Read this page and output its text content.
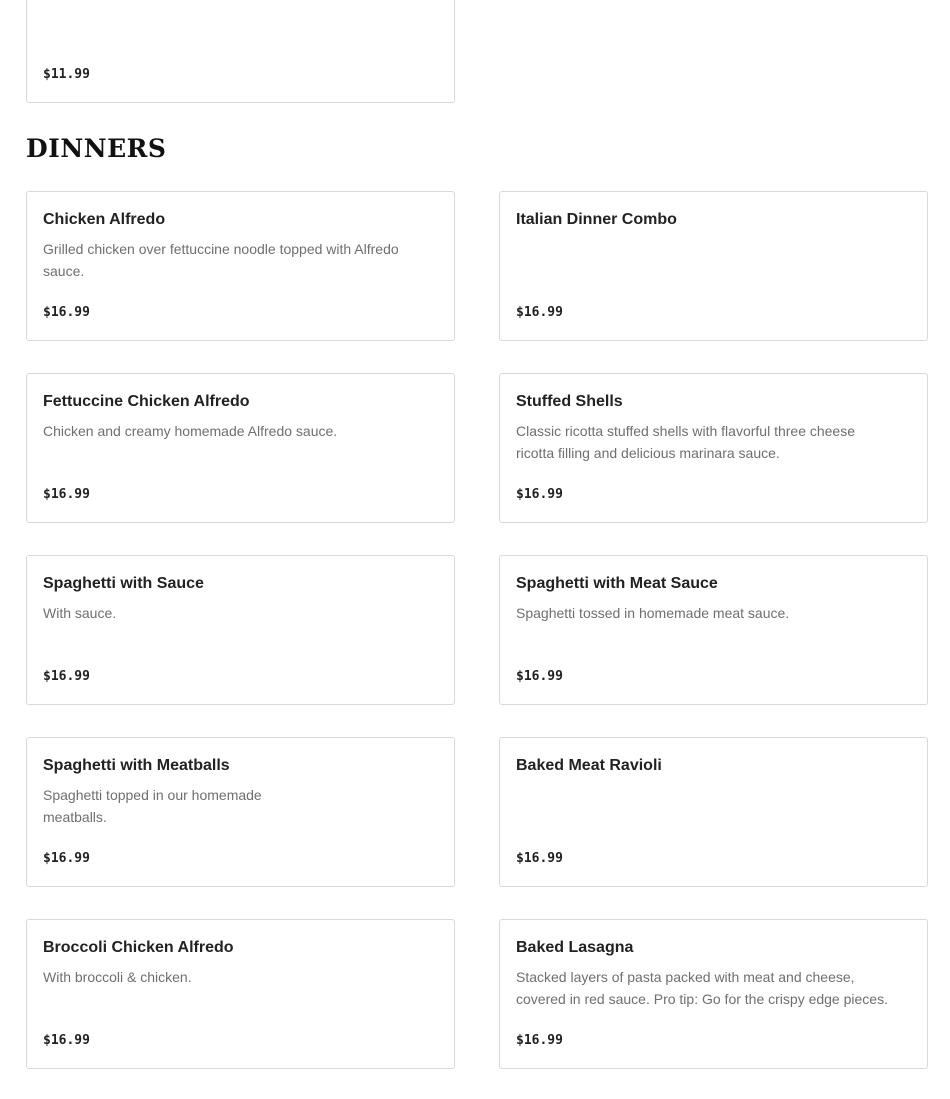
$11.99
DINNERS
Chicken Alfredo
Grilled chicken over fettuccine noodle topped with Alfredo sauce.
$16.99
Italian Dinner Combo
$16.99
Fettuccine Chicken Alfredo
Chicken and creamy homemade Alfredo sauce.
$16.99
Stuffed Shells
Classic ricotta stuffed shells with flavorful three cheese ricotta filling and delicious marinara sauce.
$16.99
Spaghetti with Sauce
With sauce.
$16.99
Spaghetti with Meat Sauce
Spaghetti tossed in homemade meat sauce.
$16.99
Spaghetti with Meatballs
Spaghetti topped in our homemade meatballs.
$16.99
Baked Meat Ravioli
$16.99
Broccoli Chicken Alfredo
With broccoli & chicken.
$16.99
Baked Lasagna
Stacked layers of pasta packed with meat and cheese, covered in red sauce. Pro tip: Go for the crispy edge pieces.
$16.99
